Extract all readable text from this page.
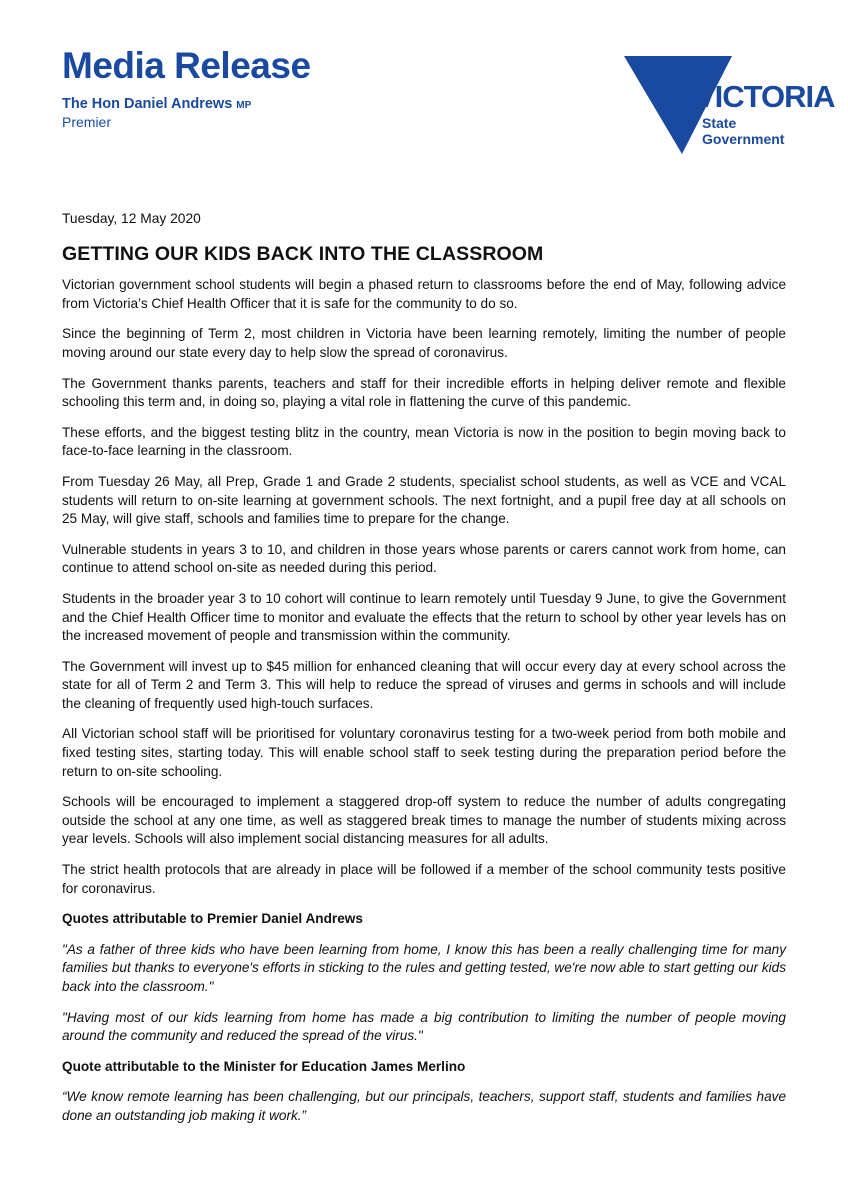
Media Release
The Hon Daniel Andrews MP
Premier
VICTORIA
State
Government
Tuesday, 12 May 2020
GETTING OUR KIDS BACK INTO THE CLASSROOM

Victorian government school students will begin a phased return to classrooms before the end of May, following advice from Victoria’s Chief Health Officer that it is safe for the community to do so.

Since the beginning of Term 2, most children in Victoria have been learning remotely, limiting the number of people moving around our state every day to help slow the spread of coronavirus.

The Government thanks parents, teachers and staff for their incredible efforts in helping deliver remote and flexible schooling this term and, in doing so, playing a vital role in flattening the curve of this pandemic.

These efforts, and the biggest testing blitz in the country, mean Victoria is now in the position to begin moving back to face-to-face learning in the classroom.

From Tuesday 26 May, all Prep, Grade 1 and Grade 2 students, specialist school students, as well as VCE and VCAL students will return to on-site learning at government schools. The next fortnight, and a pupil free day at all schools on 25 May, will give staff, schools and families time to prepare for the change.

Vulnerable students in years 3 to 10, and children in those years whose parents or carers cannot work from home, can continue to attend school on-site as needed during this period.

Students in the broader year 3 to 10 cohort will continue to learn remotely until Tuesday 9 June, to give the Government and the Chief Health Officer time to monitor and evaluate the effects that the return to school by other year levels has on the increased movement of people and transmission within the community.

The Government will invest up to $45 million for enhanced cleaning that will occur every day at every school across the state for all of Term 2 and Term 3. This will help to reduce the spread of viruses and germs in schools and will include the cleaning of frequently used high-touch surfaces.

All Victorian school staff will be prioritised for voluntary coronavirus testing for a two-week period from both mobile and fixed testing sites, starting today. This will enable school staff to seek testing during the preparation period before the return to on-site schooling.

Schools will be encouraged to implement a staggered drop-off system to reduce the number of adults congregating outside the school at any one time, as well as staggered break times to manage the number of students mixing across year levels. Schools will also implement social distancing measures for all adults.

The strict health protocols that are already in place will be followed if a member of the school community tests positive for coronavirus.

Quotes attributable to Premier Daniel Andrews

"As a father of three kids who have been learning from home, I know this has been a really challenging time for many families but thanks to everyone's efforts in sticking to the rules and getting tested, we're now able to start getting our kids back into the classroom."

"Having most of our kids learning from home has made a big contribution to limiting the number of people moving around the community and reduced the spread of the virus."

Quote attributable to the Minister for Education James Merlino

“We know remote learning has been challenging, but our principals, teachers, support staff, students and families have done an outstanding job making it work.”
